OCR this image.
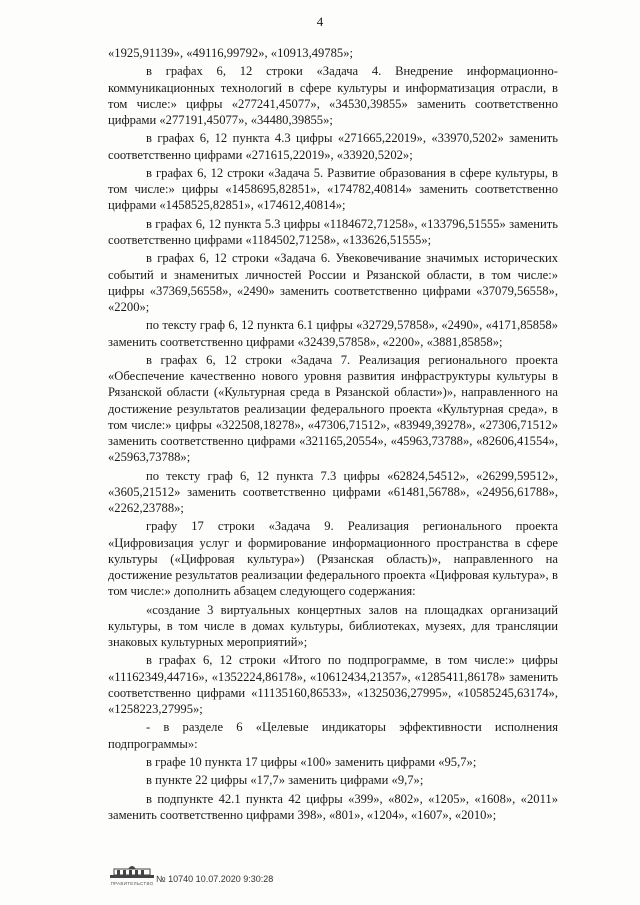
4

«1925,91139», «49116,99792», «10913,49785»;

в графах 6, 12 строки «Задача 4. Внедрение информационно-коммуникационных технологий в сфере культуры и информатизация отрасли, в том числе:» цифры «277241,45077», «34530,39855» заменить соответственно цифрами «277191,45077», «34480,39855»;

в графах 6, 12 пункта 4.3 цифры «271665,22019», «33970,5202» заменить соответственно цифрами «271615,22019», «33920,5202»;

в графах 6, 12 строки «Задача 5. Развитие образования в сфере культуры, в том числе:» цифры «1458695,82851», «174782,40814» заменить соответственно цифрами «1458525,82851», «174612,40814»;

в графах 6, 12 пункта 5.3 цифры «1184672,71258», «133796,51555» заменить соответственно цифрами «1184502,71258», «133626,51555»;

в графах 6, 12 строки «Задача 6. Увековечивание значимых исторических событий и знаменитых личностей России и Рязанской области, в том числе:» цифры «37369,56558», «2490» заменить соответственно цифрами «37079,56558», «2200»;

по тексту граф 6, 12 пункта 6.1 цифры «32729,57858», «2490», «4171,85858» заменить соответственно цифрами «32439,57858», «2200», «3881,85858»;

в графах 6, 12 строки «Задача 7. Реализация регионального проекта «Обеспечение качественно нового уровня развития инфраструктуры культуры в Рязанской области («Культурная среда в Рязанской области»)», направленного на достижение результатов реализации федерального проекта «Культурная среда», в том числе:» цифры «322508,18278», «47306,71512», «83949,39278», «27306,71512» заменить соответственно цифрами «321165,20554», «45963,73788», «82606,41554», «25963,73788»;

по тексту граф 6, 12 пункта 7.3 цифры «62824,54512», «26299,59512», «3605,21512» заменить соответственно цифрами «61481,56788», «24956,61788», «2262,23788»;

графу 17 строки «Задача 9. Реализация регионального проекта «Цифровизация услуг и формирование информационного пространства в сфере культуры («Цифровая культура») (Рязанская область)», направленного на достижение результатов реализации федерального проекта «Цифровая культура», в том числе:» дополнить абзацем следующего содержания:

«создание 3 виртуальных концертных залов на площадках организаций культуры, в том числе в домах культуры, библиотеках, музеях, для трансляции знаковых культурных мероприятий»;

в графах 6, 12 строки «Итого по подпрограмме, в том числе:» цифры «11162349,44716», «1352224,86178», «10612434,21357», «1285411,86178» заменить соответственно цифрами «11135160,86533», «1325036,27995», «10585245,63174», «1258223,27995»;

- в разделе 6 «Целевые индикаторы эффективности исполнения подпрограммы»:

в графе 10 пункта 17 цифры «100» заменить цифрами «95,7»;

в пункте 22 цифры «17,7» заменить цифрами «9,7»;

в подпункте 42.1 пункта 42 цифры «399», «802», «1205», «1608», «2011» заменить соответственно цифрами 398», «801», «1204», «1607», «2010»;

ПРАВИТЕЛЬСТВО № 10740 10.07.2020 9:30:28
